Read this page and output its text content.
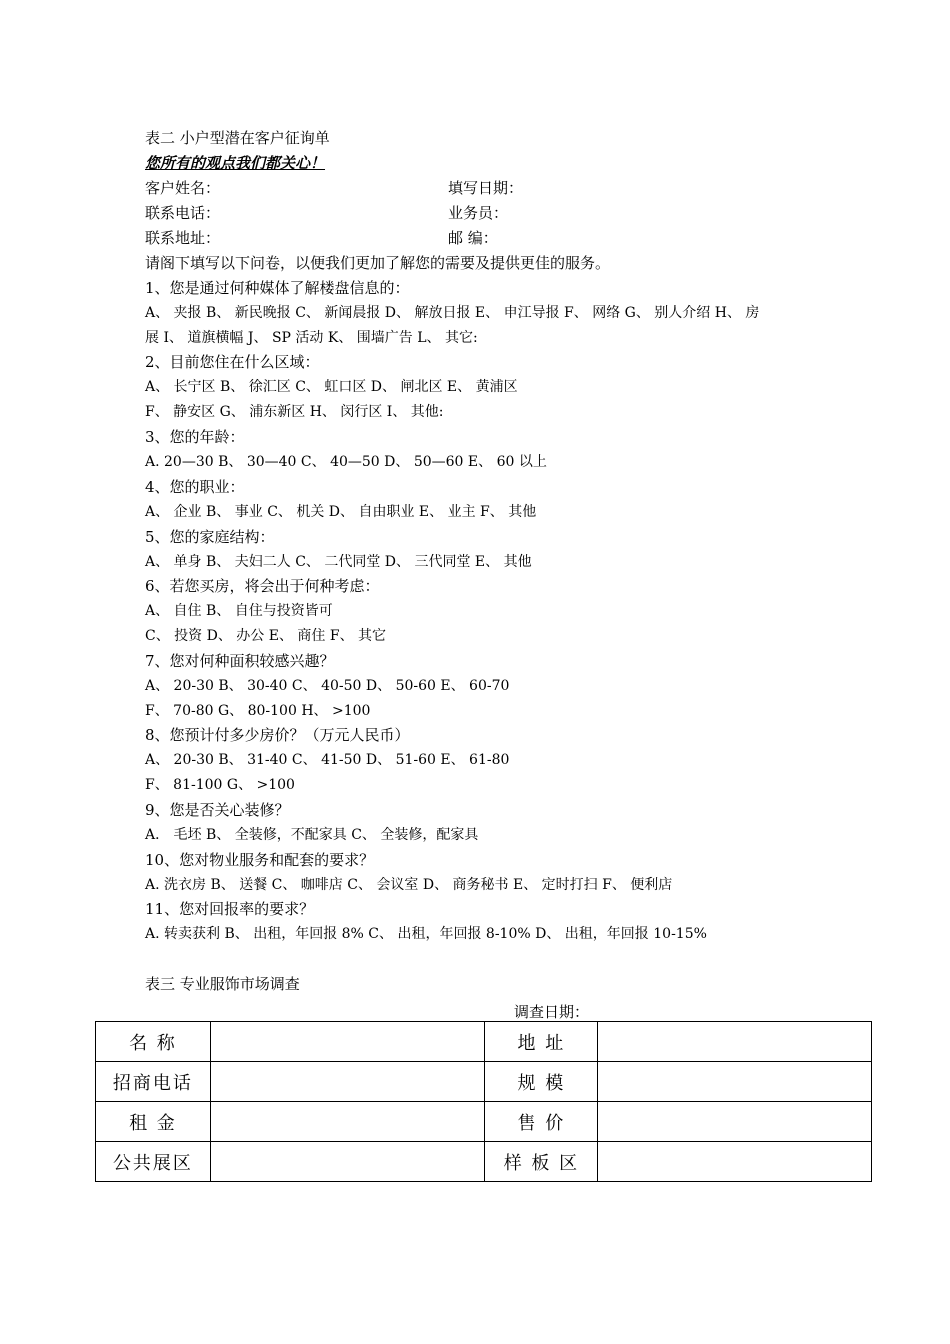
表二 小户型潜在客户征询单
您所有的观点我们都关心！
客户姓名：	填写日期：
联系电话：	业务员：
联系地址：	邮 编：
请阁下填写以下问卷，以便我们更加了解您的需要及提供更佳的服务。
1、您是通过何种媒体了解楼盘信息的：
A、 夹报 B、 新民晚报 C、 新闻晨报 D、 解放日报 E、 申江导报 F、 网络 G、 别人介绍 H、 房
展 I、 道旗横幅 J、 SP 活动 K、 围墙广告 L、 其它:
2、目前您住在什么区域：
A、 长宁区 B、 徐汇区 C、 虹口区 D、 闸北区 E、 黄浦区
F、 静安区 G、 浦东新区 H、 闵行区 I、 其他:
3、您的年龄：
A. 20—30 B、 30—40 C、 40—50 D、 50—60 E、 60 以上
4、您的职业：
A、 企业 B、 事业 C、 机关 D、 自由职业 E、 业主 F、 其他
5、您的家庭结构：
A、 单身 B、 夫妇二人 C、 二代同堂 D、 三代同堂 E、 其他
6、若您买房，将会出于何种考虑：
A、 自住 B、 自住与投资皆可
C、 投资 D、 办公 E、 商住 F、 其它
7、您对何种面积较感兴趣？
A、 20-30 B、 30-40 C、 40-50 D、 50-60 E、 60-70
F、 70-80 G、 80-100 H、 >100
8、您预计付多少房价？（万元人民币）
A、 20-30 B、 31-40 C、 41-50 D、 51-60 E、 61-80
F、 81-100 G、 >100
9、您是否关心装修？
A． 毛坯 B、 全装修，不配家具 C、 全装修，配家具
10、您对物业服务和配套的要求？
A. 洗衣房 B、 送餐 C、 咖啡店 C、 会议室 D、 商务秘书 E、 定时打扫 F、 便利店
11、您对回报率的要求？
A. 转卖获利 B、 出租，年回报 8% C、 出租，年回报 8-10% D、 出租，年回报 10-15%
表三 专业服饰市场调查
调查日期：
名 称		地 址	
招商电话		规 模	
租 金		售 价	
公共展区		样 板 区	
